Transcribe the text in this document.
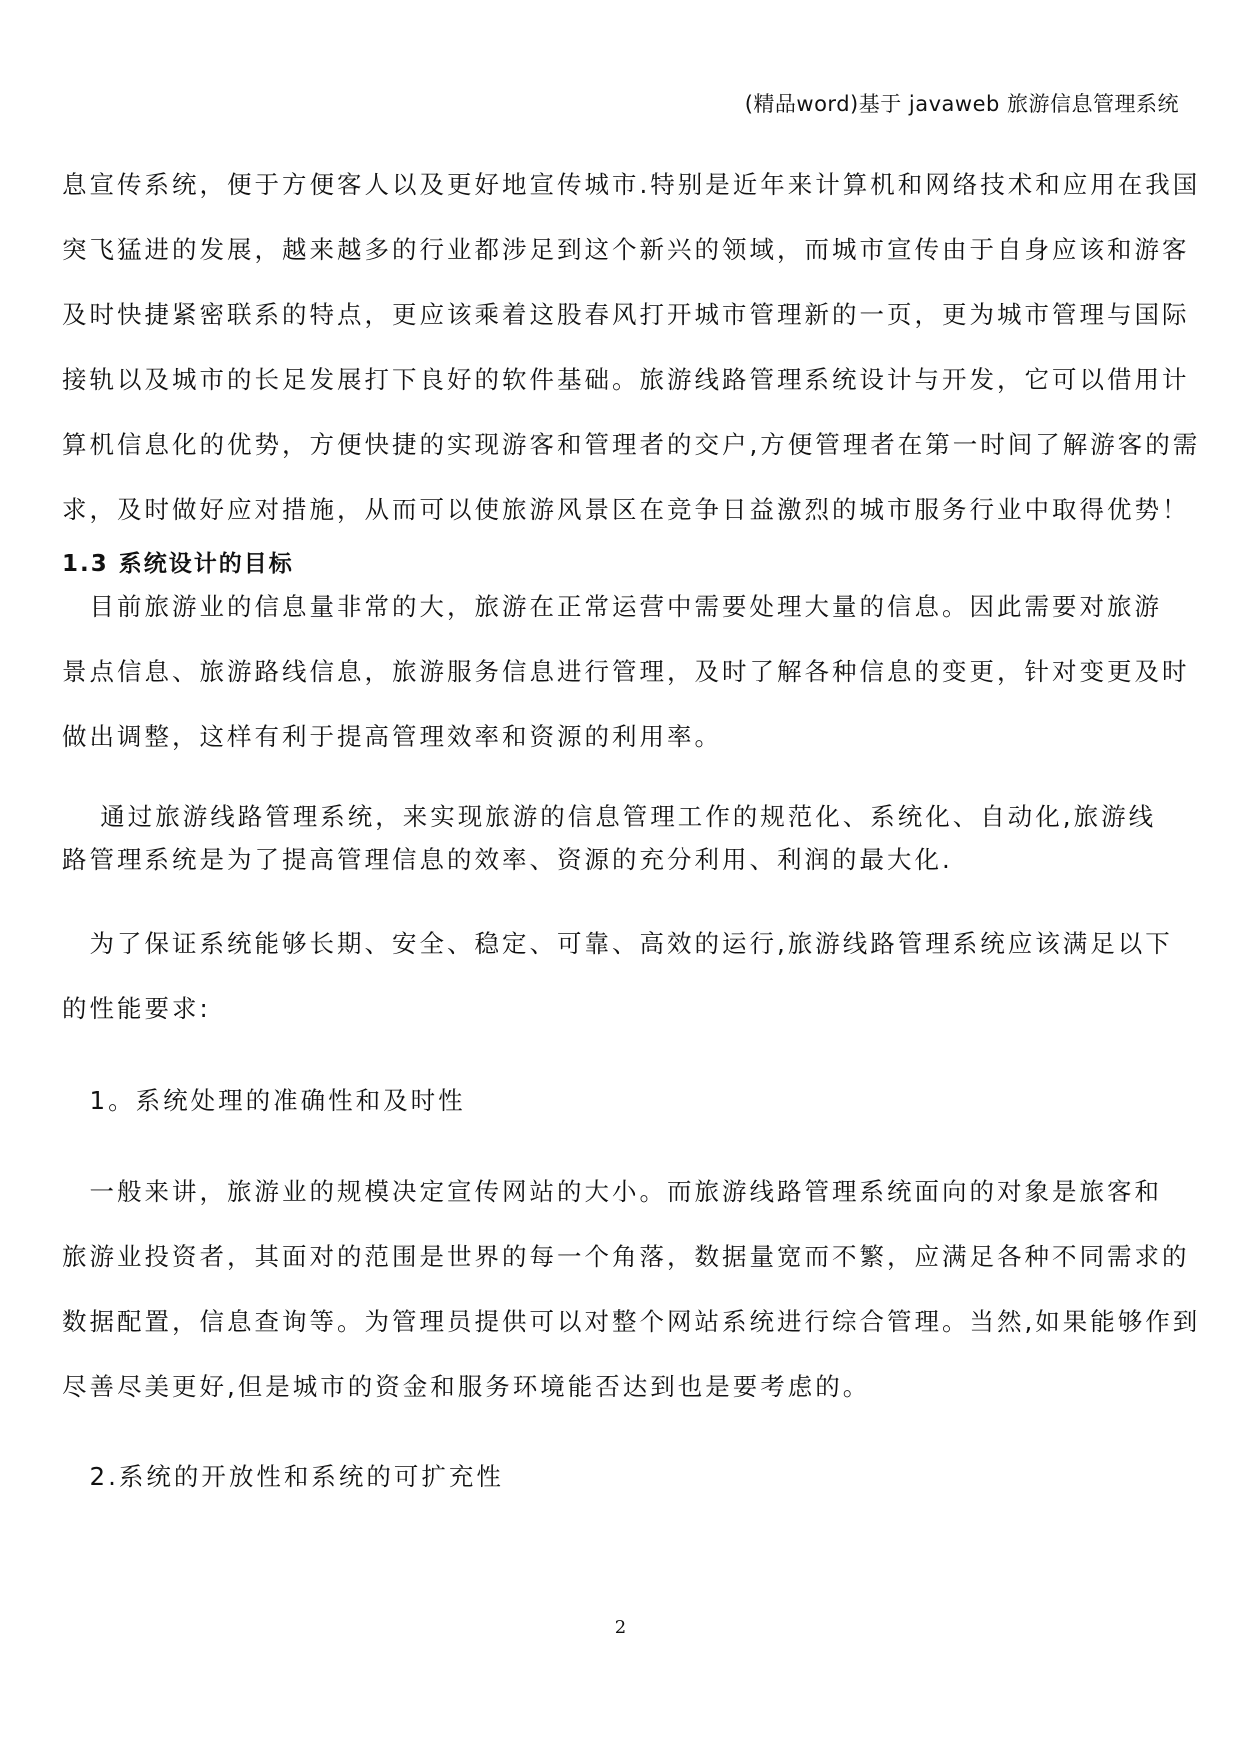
(精品word)基于 javaweb 旅游信息管理系统

息宣传系统，便于方便客人以及更好地宣传城市.特别是近年来计算机和网络技术和应用在我国

突飞猛进的发展，越来越多的行业都涉足到这个新兴的领域，而城市宣传由于自身应该和游客

及时快捷紧密联系的特点，更应该乘着这股春风打开城市管理新的一页，更为城市管理与国际

接轨以及城市的长足发展打下良好的软件基础。旅游线路管理系统设计与开发，它可以借用计

算机信息化的优势，方便快捷的实现游客和管理者的交户,方便管理者在第一时间了解游客的需

求，及时做好应对措施，从而可以使旅游风景区在竞争日益激烈的城市服务行业中取得优势！

1.3 系统设计的目标

　目前旅游业的信息量非常的大，旅游在正常运营中需要处理大量的信息。因此需要对旅游

景点信息、旅游路线信息，旅游服务信息进行管理，及时了解各种信息的变更，针对变更及时

做出调整，这样有利于提高管理效率和资源的利用率。

　 通过旅游线路管理系统，来实现旅游的信息管理工作的规范化、系统化、自动化,旅游线

路管理系统是为了提高管理信息的效率、资源的充分利用、利润的最大化.

　为了保证系统能够长期、安全、稳定、可靠、高效的运行,旅游线路管理系统应该满足以下

的性能要求:

　1。系统处理的准确性和及时性

　一般来讲，旅游业的规模决定宣传网站的大小。而旅游线路管理系统面向的对象是旅客和

旅游业投资者，其面对的范围是世界的每一个角落，数据量宽而不繁，应满足各种不同需求的

数据配置，信息查询等。为管理员提供可以对整个网站系统进行综合管理。当然,如果能够作到

尽善尽美更好,但是城市的资金和服务环境能否达到也是要考虑的。

　2.系统的开放性和系统的可扩充性

2
